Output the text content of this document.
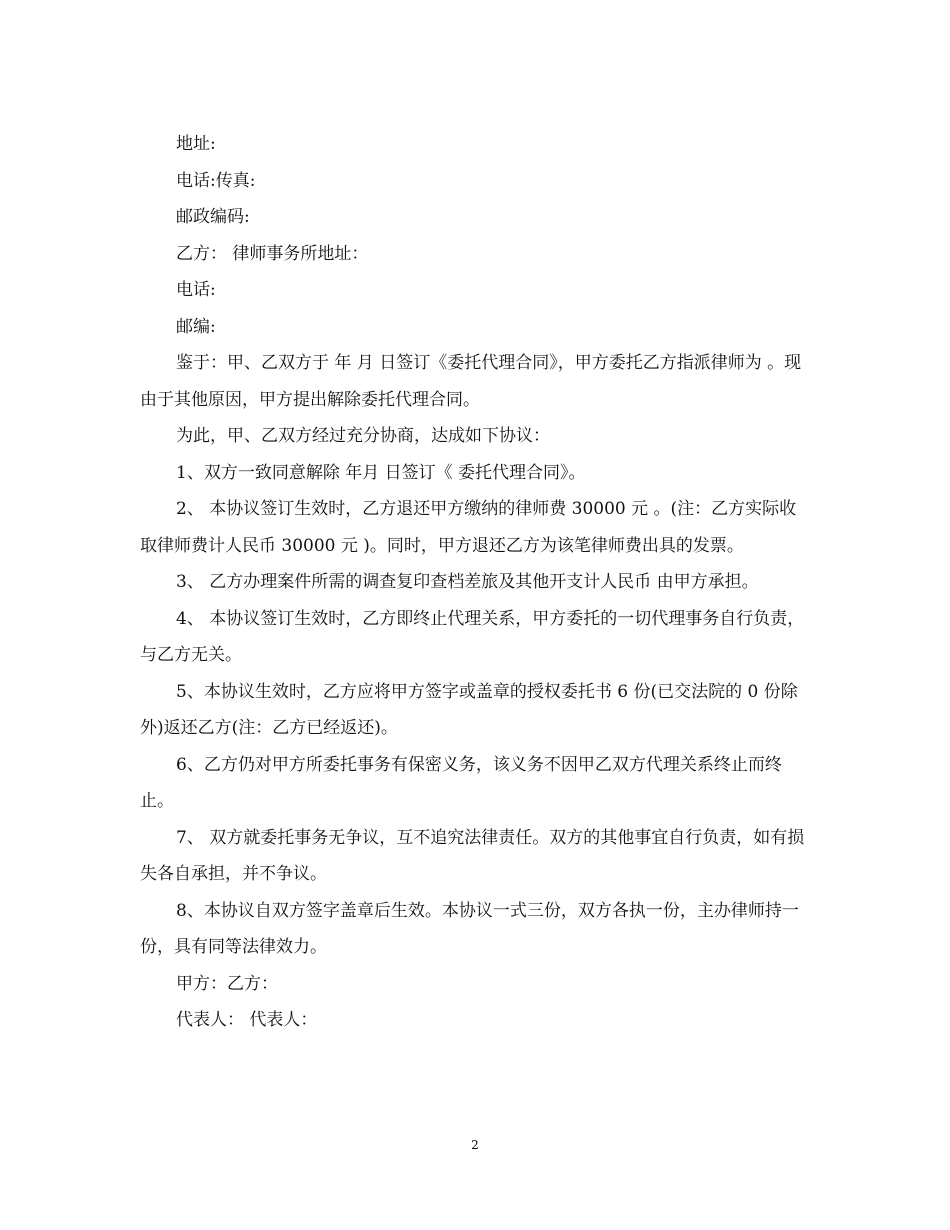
地址:

电话:传真:

邮政编码:

乙方： 律师事务所地址：

电话:

邮编:

鉴于：甲、乙双方于 年 月 日签订《委托代理合同》，甲方委托乙方指派律师为 。现由于其他原因，甲方提出解除委托代理合同。

为此，甲、乙双方经过充分协商，达成如下协议：

1、双方一致同意解除 年月 日签订《 委托代理合同》。

2、 本协议签订生效时，乙方退还甲方缴纳的律师费 30000 元 。(注：乙方实际收取律师费计人民币 30000 元 )。同时，甲方退还乙方为该笔律师费出具的发票。

3、 乙方办理案件所需的调查复印查档差旅及其他开支计人民币 由甲方承担。

4、 本协议签订生效时，乙方即终止代理关系，甲方委托的一切代理事务自行负责，与乙方无关。

5、本协议生效时，乙方应将甲方签字或盖章的授权委托书 6 份(已交法院的 0 份除外)返还乙方(注：乙方已经返还)。

6、乙方仍对甲方所委托事务有保密义务，该义务不因甲乙双方代理关系终止而终止。

7、 双方就委托事务无争议，互不追究法律责任。双方的其他事宜自行负责，如有损失各自承担，并不争议。

8、本协议自双方签字盖章后生效。本协议一式三份，双方各执一份，主办律师持一份，具有同等法律效力。

甲方：乙方：

代表人： 代表人：

2
